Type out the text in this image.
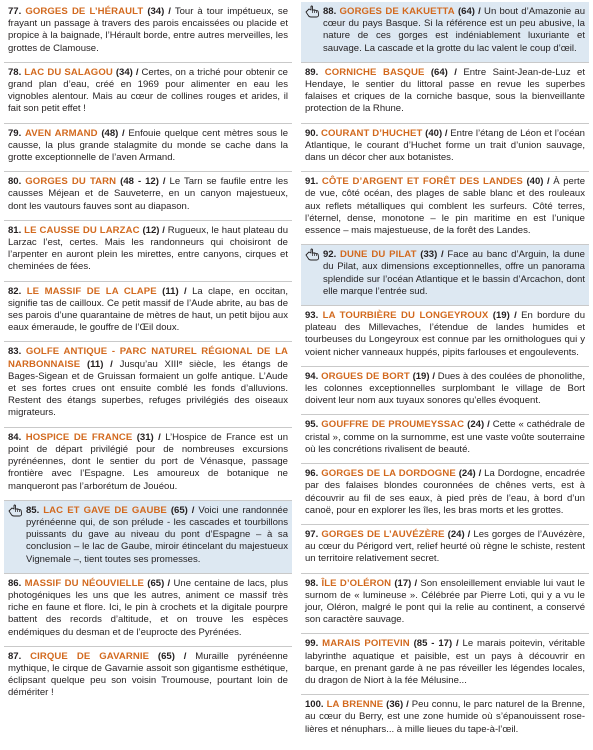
77. GORGES DE L’HÉRAULT (34) / Tour à tour impétueux, se frayant un passage à travers des parois encaissées ou placide et propice à la baignade, l’Hérault borde, entre autres merveilles, les grottes de Clamouse.
78. LAC DU SALAGOU (34) / Certes, on a triché pour obtenir ce grand plan d’eau, créé en 1969 pour alimenter en eau les vignobles alentour. Mais au cœur de collines rouges et arides, il fait son petit effet !
79. AVEN ARMAND (48) / Enfouie quelque cent mètres sous le causse, la plus grande stalagmite du monde se cache dans la grotte exceptionnelle de l’aven Armand.
80. GORGES DU TARN (48 - 12) / Le Tarn se faufile entre les causses Méjean et de Sauveterre, en un canyon majestueux, dont les vautours fauves sont au diapason.
81. LE CAUSSE DU LARZAC (12) / Rugueux, le haut plateau du Larzac l’est, certes. Mais les randonneurs qui choisiront de l’arpenter en auront plein les mirettes, entre canyons, cirques et cheminées de fées.
82. LE MASSIF DE LA CLAPE (11) / La clape, en occitan, signifie tas de cailloux. Ce petit massif de l’Aude abrite, au bas de ses parois d’une quarantaine de mètres de haut, un petit bijou aux eaux émeraude, le gouffre de l’Œil doux.
83. GOLFE ANTIQUE - PARC NATUREL RÉGIONAL DE LA NARBONNAISE (11) / Jusqu’au XIIIᵉ siècle, les étangs de Bages-Sigean et de Gruissan formaient un golfe antique. L’Aude et ses fortes crues ont ensuite comblé les fonds d’alluvions. Restent des étangs superbes, refuges privilégiés des oiseaux migrateurs.
84. HOSPICE DE FRANCE (31) / L’Hospice de France est un point de départ privilégié pour de nombreuses excursions pyrénéennes, dont le sentier du port de Vénasque, passage frontière avec l’Espagne. Les amoureux de botanique ne manqueront pas l’arborétum de Jouéou.
85. LAC ET GAVE DE GAUBE (65) / Voici une randonnée pyrénéenne qui, de son prélude - les cascades et tourbillons puissants du gave au niveau du pont d’Espagne – à sa conclusion – le lac de Gaube, miroir étincelant du majestueux Vignemale –, tient toutes ses promesses.
86. MASSIF DU NÉOUVIELLE (65) / Une centaine de lacs, plus photogéniques les uns que les autres, animent ce massif très riche en faune et flore. Ici, le pin à crochets et la digitale pourpre battent des records d’altitude, et on trouve les espèces endémiques du desman et de l’euprocte des Pyrénées.
87. CIRQUE DE GAVARNIE (65) / Muraille pyrénéenne mythique, le cirque de Gavarnie assoit son gigantisme esthétique, éclipsant quelque peu son voisin Troumouse, pourtant loin de démériter !
88. GORGES DE KAKUETTA (64) / Un bout d’Amazonie au cœur du pays Basque. Si la référence est un peu abusive, la nature de ces gorges est indéniablement luxuriante et sauvage. La cascade et la grotte du lac valent le coup d’œil.
89. CORNICHE BASQUE (64) / Entre Saint-Jean-de-Luz et Hendaye, le sentier du littoral passe en revue les superbes falaises et criques de la corniche basque, sous la bienveillante protection de la Rhune.
90. COURANT D’HUCHET (40) / Entre l’étang de Léon et l’océan Atlantique, le courant d’Huchet forme un trait d’union sauvage, dans un décor cher aux botanistes.
91. CÔTE D’ARGENT ET FORÊT DES LANDES (40) / À perte de vue, côté océan, des plages de sable blanc et des rouleaux aux reflets métalliques qui comblent les surfeurs. Côté terres, l’éternel, dense, monotone – le pin maritime en est l’unique essence – mais majestueuse, de la forêt des Landes.
92. DUNE DU PILAT (33) / Face au banc d’Arguin, la dune du Pilat, aux dimensions exceptionnelles, offre un panorama splendide sur l’océan Atlantique et le bassin d’Arcachon, dont elle marque l’entrée sud.
93. LA TOURBIÈRE DU LONGEYROUX (19) / En bordure du plateau des Millevaches, l’étendue de landes humides et tourbeuses du Longeyroux est connue par les ornithologues qui y voient nicher vanneaux huppés, pipits farlouses et engoulevents.
94. ORGUES DE BORT (19) / Dues à des coulées de phonolithe, les colonnes exceptionnelles surplombant le village de Bort doivent leur nom aux tuyaux sonores qu’elles évoquent.
95. GOUFFRE DE PROUMEYSSAC (24) / Cette « cathédrale de cristal », comme on la surnomme, est une vaste voûte souterraine où les concrétions rivalisent de beauté.
96. GORGES DE LA DORDOGNE (24) / La Dordogne, encadrée par des falaises blondes couronnées de chênes verts, est à découvrir au fil de ses eaux, à pied près de l’eau, à bord d’un canoë, pour en explorer les îles, les bras morts et les grottes.
97. GORGES DE L’AUVÉZÈRE (24) / Les gorges de l’Auvézère, au cœur du Périgord vert, relief heurté où règne le schiste, restent un territoire relativement secret.
98. ÎLE D’OLÉRON (17) / Son ensoleillement enviable lui vaut le surnom de « lumineuse ». Célébrée par Pierre Loti, qui y a vu le jour, Oléron, malgré le pont qui la relie au continent, a conservé son caractère sauvage.
99. MARAIS POITEVIN (85 - 17) / Le marais poitevin, véritable labyrinthe aquatique et paisible, est un pays à découvrir en barque, en prenant garde à ne pas réveiller les légendes locales, du dragon de Niort à la fée Mélusine...
100. LA BRENNE (36) / Peu connu, le parc naturel de la Brenne, au cœur du Berry, est une zone humide où s’épanouissent rose-lières et nénuphars... à mille lieues du tape-à-l’œil.
